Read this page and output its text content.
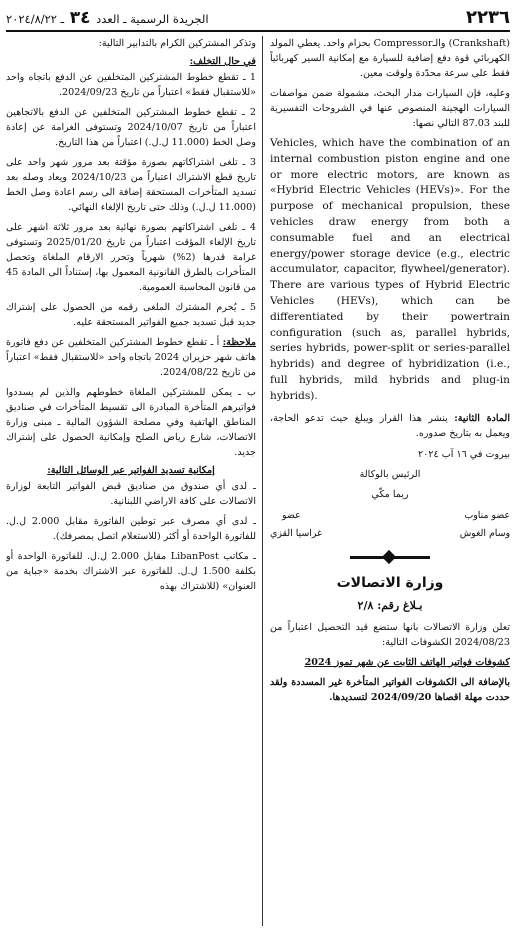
الجريدة الرسمية ـ العدد ٣٤ ـ ٢٠٢٤/٨/٢٢	٢٢٣٦

(Crankshaft) والـCompressor بحزام واحد. يعطي المولد الكهربائي قوة دفع إضافية للسيارة مع إمكانية السير كهربائياً فقط على سرعة محدّدة ولوقت معين.

وعليه، فإن السيارات مدار البحث، مشمولة ضمن مواصفات السيارات الهجينة المنصوص عنها في الشروحات التفسيرية للبند 87.03 التالي نصها:

Vehicles, which have the combination of an internal combustion piston engine and one or more electric motors, are known as «Hybrid Electric Vehicles (HEVs)». For the purpose of mechanical propulsion, these vehicles draw energy from both a consumable fuel and an electrical energy/power storage device (e.g., electric accumulator, capacitor, flywheel/generator). There are various types of Hybrid Electric Vehicles (HEVs), which can be differentiated by their powertrain configuration (such as, parallel hybrids, series hybrids, power-split or series-parallel hybrids) and degree of hybridization (i.e., full hybrids, mild hybrids and plug-in hybrids).

المادة الثانية: ينشر هذا القرار ويبلغ حيث تدعو الحاجة، ويعمل به بتاريخ صدوره.

بيروت في ١٦ آب ٢٠٢٤

الرئيس بالوكالة

ريما مكّي

عضو مناوب	عضو
وسام الغوش	غراسيا القزي
وزارة الاتصالات
بـلاغ رقم: ٢/٨

تعلن وزارة الاتصالات بانها ستضع قيد التحصيل اعتباراً من 2024/08/23 الكشوفات التالية:

كشوفات فواتير الهاتف الثابت عن شهر تموز 2024

بالإضافة الى الكشوفات الفواتير المتأخرة غير المسددة ولقد حددت مهلة اقصاها 2024/09/20 لتسديدها.

وتذكر المشتركين الكرام بالتدابير التالية:

في حال التخلف:

1 ـ تقطع خطوط المشتركين المتخلفين عن الدفع باتجاه واحد «للاستقبال فقط» اعتباراً من تاريخ 2024/09/23.

2 ـ تقطع خطوط المشتركين المتخلفين عن الدفع بالاتجاهين اعتباراً من تاريخ 2024/10/07 وتستوفى الغرامة عن إعادة وصل الخط (11.000 ل.ل.) اعتباراً من هذا التاريخ.

3 ـ تلغى اشتراكاتهم بصورة مؤقتة بعد مرور شهر واحد على تاريخ قطع الاشتراك اعتباراً من 2024/10/23 ويعاد وصله بعد تسديد المتأخرات المستحقة إضافة الى رسم اعادة وصل الخط (11.000 ل.ل.) وذلك حتى تاريخ الإلغاء النهائي.

4 ـ تلغى اشتراكاتهم بصورة نهائية بعد مرور ثلاثة اشهر على تاريخ الإلغاء المؤقت اعتباراً من تاريخ 2025/01/20 وتستوفى غرامة قدرها (2%) شهرياً وتحرر الارقام الملغاة وتحصل المتأخرات بالطرق القانونية المعمول بها، إستناداً الى المادة 45 من قانون المحاسبة العمومية.

5 ـ يُحرم المشترك الملغى رقمه من الحصول على إشتراك جديد قبل تسديد جميع الفواتير المستحقة عليه.

ملاحظة: أ ـ تقطع خطوط المشتركين المتخلفين عن دفع فاتورة هاتف شهر حزيران 2024 باتجاه واحد «للاستقبال فقط» اعتباراً من تاريخ 2024/08/22.

ب ـ يمكن للمشتركين الملغاة خطوطهم والذين لم يسددوا فواتيرهم المتأخرة المبادرة الى تقسيط المتأخرات في صناديق المناطق الهاتفية وفي مصلحة الشؤون المالية ـ مبنى وزارة الاتصالات، شارع رياض الصلح وإمكانية الحصول على إشتراك جديد.

إمكانية تسديد الفواتير عبر الوسائل التالية:

ـ لدى أي صندوق من صناديق قبض الفواتير التابعة لوزارة الاتصالات على كافة الاراضي اللبنانية.

ـ لدى أي مصرف عبر توطين الفاتورة مقابل 2.000 ل.ل. للفاتورة الواحدة أو أكثر (للاستعلام اتصل بمصرفك).

ـ مكاتب LibanPost مقابل 2.000 ل.ل. للفاتورة الواحدة أو بكلفة 1.500 ل.ل. للفاتورة عبر الاشتراك بخدمة «جباية من العنوان» (للاشتراك بهذه
